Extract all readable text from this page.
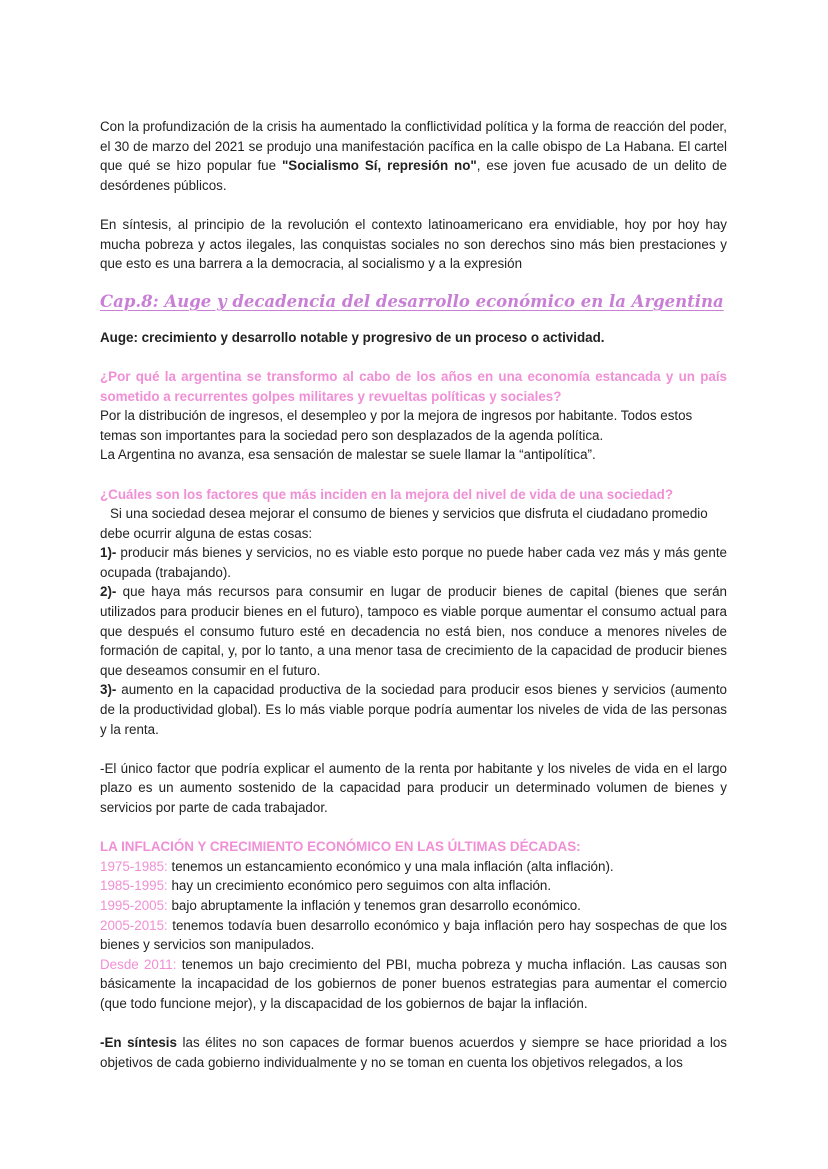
Con la profundización de la crisis ha aumentado la conflictividad política y la forma de reacción del poder, el 30 de marzo del 2021 se produjo una manifestación pacífica en la calle obispo de La Habana. El cartel que qué se hizo popular fue "Socialismo Sí, represión no", ese joven fue acusado de un delito de desórdenes públicos.

En síntesis, al principio de la revolución el contexto latinoamericano era envidiable, hoy por hoy hay mucha pobreza y actos ilegales, las conquistas sociales no son derechos sino más bien prestaciones y que esto es una barrera a la democracia, al socialismo y a la expresión

Cap.8: Auge y decadencia del desarrollo económico en la Argentina

Auge: crecimiento y desarrollo notable y progresivo de un proceso o actividad.

¿Por qué la argentina se transformo al cabo de los años en una economía estancada y un país sometido a recurrentes golpes militares y revueltas políticas y sociales?

Por la distribución de ingresos, el desempleo y por la mejora de ingresos por habitante. Todos estos temas son importantes para la sociedad pero son desplazados de la agenda política.

La Argentina no avanza, esa sensación de malestar se suele llamar la “antipolítica”.

¿Cuáles son los factores que más inciden en la mejora del nivel de vida de una sociedad?

Si una sociedad desea mejorar el consumo de bienes y servicios que disfruta el ciudadano promedio debe ocurrir alguna de estas cosas:

1)- producir más bienes y servicios, no es viable esto porque no puede haber cada vez más y más gente ocupada (trabajando).

2)- que haya más recursos para consumir en lugar de producir bienes de capital (bienes que serán utilizados para producir bienes en el futuro), tampoco es viable porque aumentar el consumo actual para que después el consumo futuro esté en decadencia no está bien, nos conduce a menores niveles de formación de capital, y, por lo tanto, a una menor tasa de crecimiento de la capacidad de producir bienes que deseamos consumir en el futuro.

3)- aumento en la capacidad productiva de la sociedad para producir esos bienes y servicios (aumento de la productividad global). Es lo más viable porque podría aumentar los niveles de vida de las personas y la renta.

-El único factor que podría explicar el aumento de la renta por habitante y los niveles de vida en el largo plazo es un aumento sostenido de la capacidad para producir un determinado volumen de bienes y servicios por parte de cada trabajador.

LA INFLACIÓN Y CRECIMIENTO ECONÓMICO EN LAS ÚLTIMAS DÉCADAS:

1975-1985: tenemos un estancamiento económico y una mala inflación (alta inflación).

1985-1995: hay un crecimiento económico pero seguimos con alta inflación.

1995-2005: bajo abruptamente la inflación y tenemos gran desarrollo económico.

2005-2015: tenemos todavía buen desarrollo económico y baja inflación pero hay sospechas de que los bienes y servicios son manipulados.

Desde 2011: tenemos un bajo crecimiento del PBI, mucha pobreza y mucha inflación. Las causas son básicamente la incapacidad de los gobiernos de poner buenos estrategias para aumentar el comercio (que todo funcione mejor), y la discapacidad de los gobiernos de bajar la inflación.

-En síntesis las élites no son capaces de formar buenos acuerdos y siempre se hace prioridad a los objetivos de cada gobierno individualmente y no se toman en cuenta los objetivos relegados, a los
